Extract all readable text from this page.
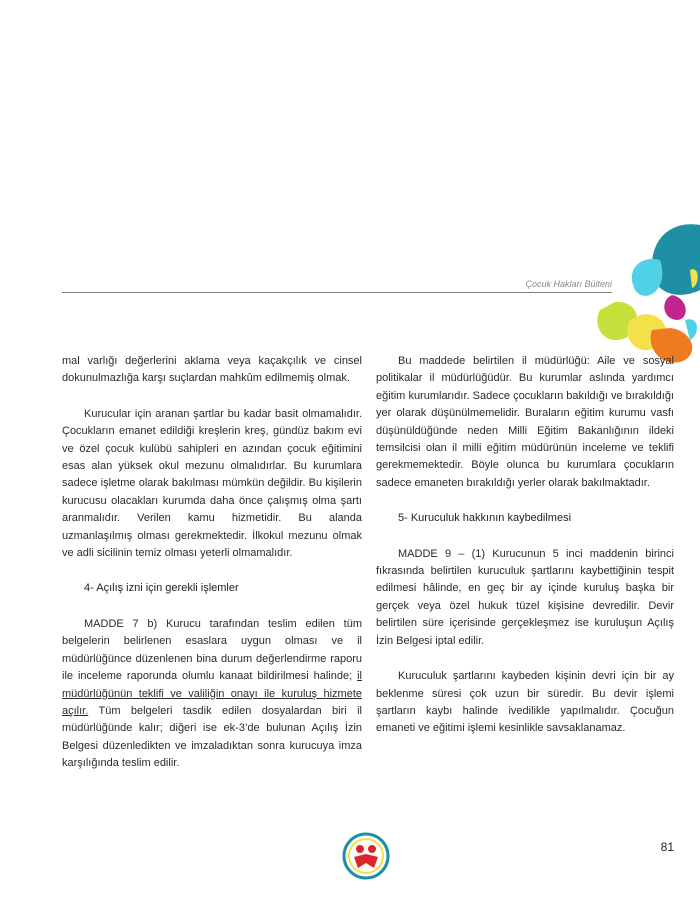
Çocuk Hakları Bülteni

mal varlığı değerlerini aklama veya kaçakçılık ve cinsel dokunulmazlığa karşı suçlardan mahkûm edilmemiş olmak.

Kurucular için aranan şartlar bu kadar basit olmamalıdır. Çocukların emanet edildiği kreşlerin kreş, gündüz bakım evi ve özel çocuk kulübü sahipleri en azından çocuk eğitimini esas alan yüksek okul mezunu olmalıdırlar. Bu kurumlara sadece işletme olarak bakılması mümkün değildir. Bu kişilerin kurucusu olacakları kurumda daha önce çalışmış olma şartı aranmalıdır. Verilen kamu hizmetidir. Bu alanda uzmanlaşılmış olması gerekmektedir. İlkokul mezunu olmak ve adli sicilinin temiz olması yeterli olmamalıdır.

4- Açılış izni için gerekli işlemler

MADDE 7 b) Kurucu tarafından teslim edilen tüm belgelerin belirlenen esaslara uygun olması ve il müdürlüğünce düzenlenen bina durum değerlendirme raporu ile inceleme raporunda olumlu kanaat bildirilmesi halinde; il müdürlüğünün teklifi ve valiliğin onayı ile kuruluş hizmete açılır. Tüm belgeleri tasdik edilen dosyalardan biri il müdürlüğünde kalır; diğeri ise ek-3’de bulunan Açılış İzin Belgesi düzenledikten ve imzaladıktan sonra kurucuya imza karşılığında teslim edilir.

Bu maddede belirtilen il müdürlüğü: Aile ve sosyal politikalar il müdürlüğüdür. Bu kurumlar aslında yardımcı eğitim kurumlarıdır. Sadece çocukların bakıldığı ve bırakıldığı yer olarak düşünülmemelidir. Buraların eğitim kurumu vasfı düşünüldüğünde neden Milli Eğitim Bakanlığının ildeki temsilcisi olan il milli eğitim müdürünün inceleme ve teklifi gerekmemektedir. Böyle olunca bu kurumlara çocukların sadece emaneten bırakıldığı yerler olarak bakılmaktadır.

5- Kuruculuk hakkının kaybedilmesi

MADDE 9 – (1) Kurucunun 5 inci maddenin birinci fıkrasında belirtilen kuruculuk şartlarını kaybettiğinin tespit edilmesi hâlinde, en geç bir ay içinde kuruluş başka bir gerçek veya özel hukuk tüzel kişisine devredilir. Devir belirtilen süre içerisinde gerçekleşmez ise kuruluşun Açılış İzin Belgesi iptal edilir.

Kuruculuk şartlarını kaybeden kişinin devri için bir ay beklenme süresi çok uzun bir süredir. Bu devir işlemi şartların kaybı halinde ivedilikle yapılmalıdır. Çocuğun emaneti ve eğitimi işlemi kesinlikle savsaklanamaz.

81
